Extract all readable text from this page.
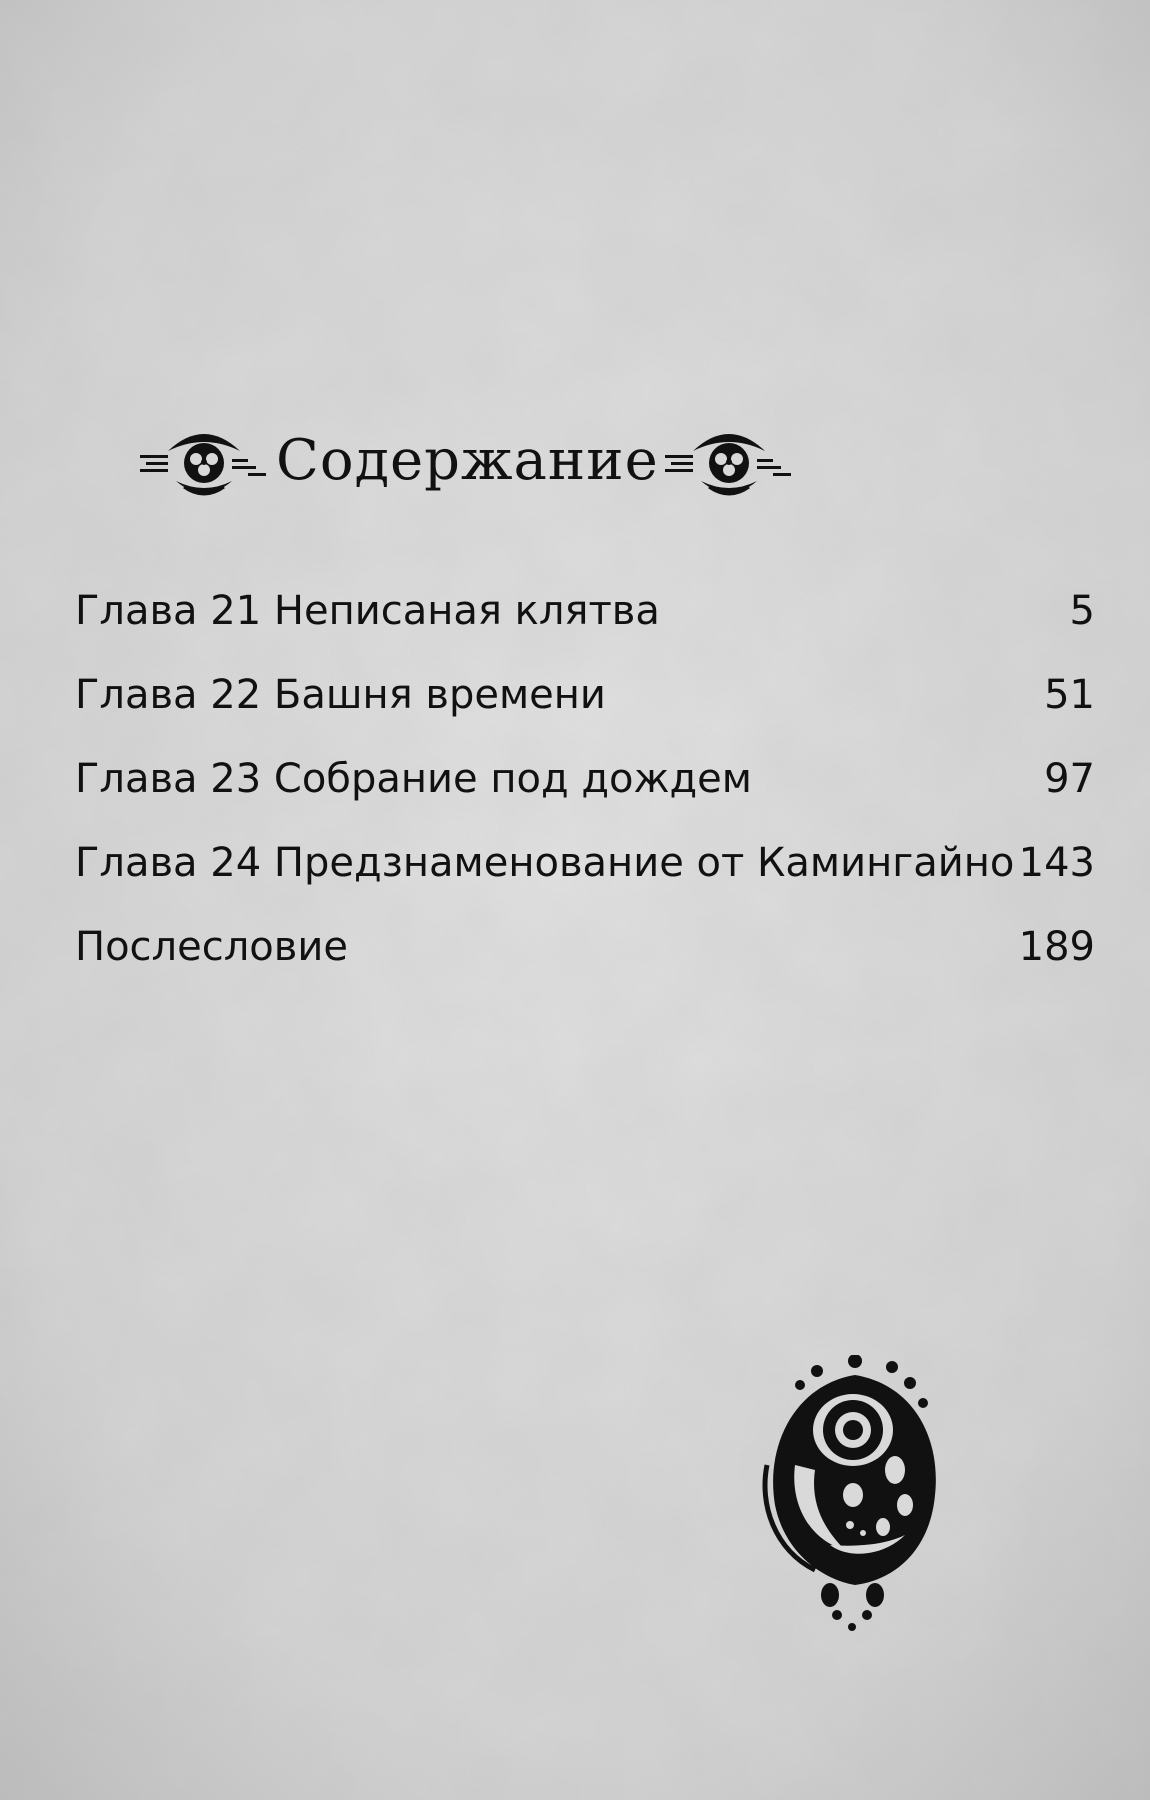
Содержание
Глава 21 Неписаная клятва	5
Глава 22 Башня времени	51
Глава 23 Собрание под дождем	97
Глава 24 Предзнаменование от Камингайно 143
Послесловие	189
